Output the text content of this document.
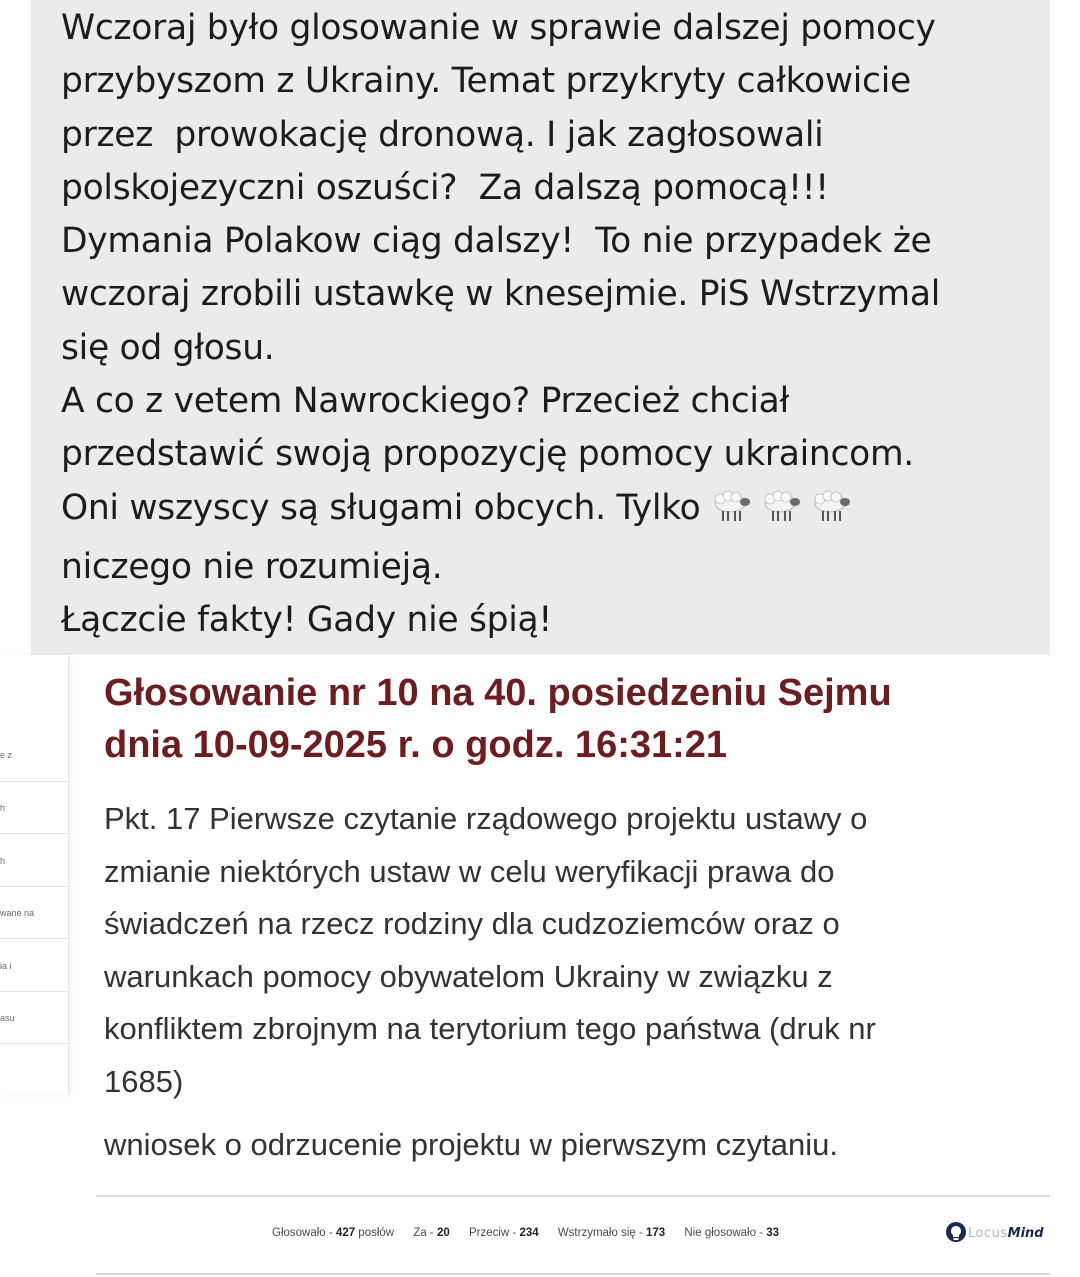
Wczoraj było glosowanie w sprawie dalszej pomocy
przybyszom z Ukrainy. Temat przykryty całkowicie
przez  prowokację dronową. I jak zagłosowali
polskojezyczni oszuści?  Za dalszą pomocą!!!
Dymania Polakow ciąg dalszy!  To nie przypadek że
wczoraj zrobili ustawkę w knesejmie. PiS Wstrzymal
się od głosu.
A co z vetem Nawrockiego? Przecież chciał
przedstawić swoją propozycję pomocy ukraincom.
Oni wszyscy są sługami obcych. Tylko
niczego nie rozumieją.
Łączcie fakty! Gady nie śpią!
e z
h
h
wane na
ia i
asu
Głosowanie nr 10 na 40. posiedzeniu Sejmu
dnia 10-09-2025 r. o godz. 16:31:21
Pkt. 17 Pierwsze czytanie rządowego projektu ustawy o
zmianie niektórych ustaw w celu weryfikacji prawa do
świadczeń na rzecz rodziny dla cudzoziemców oraz o
warunkach pomocy obywatelom Ukrainy w związku z
konfliktem zbrojnym na terytorium tego państwa (druk nr
1685)
wniosek o odrzucenie projektu w pierwszym czytaniu.
Głosowało - 427 posłów Za - 20 Przeciw - 234 Wstrzymało się - 173 Nie głosowało - 33	Locus Mind
